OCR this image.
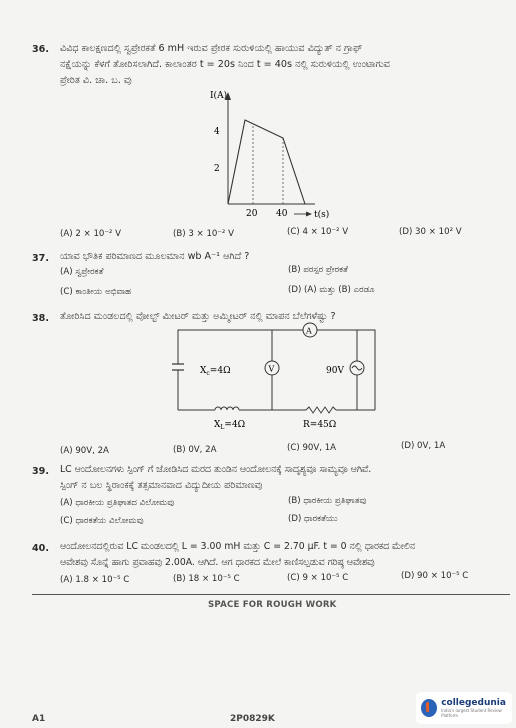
36. ವಿವಿಧ ಕಾಲಕ್ಷಣದಲ್ಲಿ ಸ್ವಪ್ರೇರಕತೆ 6 mH ಇರುವ ಪ್ರೇರಕ ಸುರುಳಿಯಲ್ಲಿ ಹಾಯುವ ವಿದ್ಯುತ್ ನ ಗ್ರಾಫ್
ನಕ್ಷೆಯನ್ನು ಕೆಳಗೆ ತೋರಿಸಲಾಗಿದೆ. ಕಾಲಾಂತರ t = 20s ನಿಂದ t = 40s ನಲ್ಲಿ ಸುರುಳಿಯಲ್ಲಿ ಉಂಟಾಗುವ
ಪ್ರೇರಿತ ವಿ. ಚಾ. ಬ. ವು
I(A)
4
2
20 40	t(s)
(A) 2 × 10⁻² V	(B) 3 × 10⁻² V	(C) 4 × 10⁻² V	(D) 30 × 10² V
37. ಯಾವ ಭೌತಿಕ ಪರಿಮಾಣದ ಮೂಲಮಾನ wb A⁻¹ ಆಗಿದೆ ?
(A) ಸ್ವಪ್ರೇರಕತೆ	(B) ಪರಸ್ಪರ ಪ್ರೇರಕತೆ
(C) ಕಾಂತೀಯ ಅಭಿವಾಹ	(D) (A) ಮತ್ತು (B) ಎರಡೂ
38. ತೋರಿಸಿದ ಮಂಡಲದಲ್ಲಿ ವೋಲ್ಟ್ ಮೀಟರ್ ಮತ್ತು ಅಮ್ಮೀಟರ್ ನಲ್ಲಿ ಮಾಪನ ಬೆಲೆಗಳೆಷ್ಟು ?
A
$X_c=4\Omega$	V	90V
$X_L=4\Omega$	R=45Ω
(A) 90V, 2A	(B) 0V, 2A	(C) 90V, 1A	(D) 0V, 1A
39. LC ಆಂದೋಲನಗಳು ಸ್ಪಿಂಗ್ ಗೆ ಜೋಡಿಸಿದ ಮರದ ತುಂಡಿನ ಆಂದೋಲನಕ್ಕೆ ಸಾದೃಶ್ಯವೂ ಸಾಮ್ಯವೂ ಆಗಿವೆ.
ಸ್ಪಿಂಗ್ ನ ಬಲ ಸ್ಥಿರಾಂಕಕ್ಕೆ ತತ್ಸಮಾನವಾದ ವಿದ್ಯುದೀಯ ಪರಿಮಾಣವು
(A) ಧಾರಕೀಯ ಪ್ರತಿಘಾತದ ವಿಲೋಮವು	(B) ಧಾರಕೀಯ ಪ್ರತಿಘಾತವು
(C) ಧಾರಕತೆಯ ವಿಲೋಮವು	(D) ಧಾರಕತೆಯು
40. ಆಂದೋಲನದಲ್ಲಿರುವ LC ಮಂಡಲದಲ್ಲಿ L = 3.00 mH ಮತ್ತು C = 2.70 μF. t = 0 ನಲ್ಲಿ ಧಾರಕದ ಮೇಲಿನ
ಆವೇಶವು ಸೊನ್ನೆ ಹಾಗು ಪ್ರವಾಹವು 2.00A. ಆಗಿದೆ. ಆಗ ಧಾರಕದ ಮೇಲೆ ಕಾಣಿಸಲ್ಪಡುವ ಗರಿಷ್ಠ ಆವೇಶವು
(A) 1.8 × 10⁻⁵ C	(B) 18 × 10⁻⁵ C	(C) 9 × 10⁻⁵ C	(D) 90 × 10⁻⁵ C
SPACE FOR ROUGH WORK
A1	2P0829K
collegedunia
India's largest Student Review Platform
